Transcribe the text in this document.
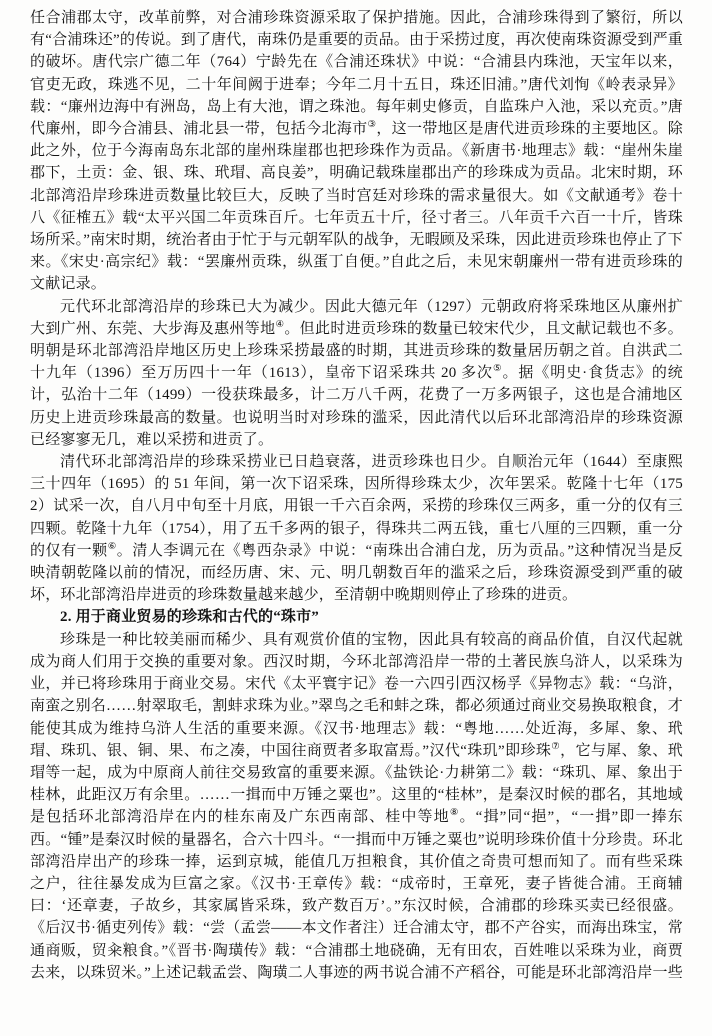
任合浦郡太守，改革前弊，对合浦珍珠资源采取了保护措施。因此，合浦珍珠得到了繁衍，所以有“合浦珠还”的传说。到了唐代，南珠仍是重要的贡品。由于采捞过度，再次使南珠资源受到严重的破坏。唐代宗广德二年（764）宁龄先在《合浦还珠状》中说：“合浦县内珠池，天宝年以来，官吏无政，珠逃不见，二十年间阙于进奉；今年二月十五日，珠还旧浦。”唐代刘恂《岭表录异》载：“廉州边海中有洲岛，岛上有大池，谓之珠池。每年刺史修贡，自监珠户入池，采以充贡。”唐代廉州，即今合浦县、浦北县一带，包括今北海市③，这一带地区是唐代进贡珍珠的主要地区。除此之外，位于今海南岛东北部的崖州珠崖郡也把珍珠作为贡品。《新唐书·地理志》载：“崖州朱崖郡下，土贡：金、银、珠、玳瑁、高良姜”，明确记载珠崖郡出产的珍珠成为贡品。北宋时期，环北部湾沿岸珍珠进贡数量比较巨大，反映了当时宫廷对珍珠的需求量很大。如《文献通考》卷十八《征榷五》载“太平兴国二年贡珠百斤。七年贡五十斤，径寸者三。八年贡千六百一十斤，皆珠场所采。”南宋时期，统治者由于忙于与元朝军队的战争，无暇顾及采珠，因此进贡珍珠也停止了下来。《宋史·高宗纪》载：“罢廉州贡珠，纵蛋丁自便。”自此之后，未见宋朝廉州一带有进贡珍珠的文献记录。

元代环北部湾沿岸的珍珠已大为减少。因此大德元年（1297）元朝政府将采珠地区从廉州扩大到广州、东莞、大步海及惠州等地④。但此时进贡珍珠的数量已较宋代少，且文献记载也不多。明朝是环北部湾沿岸地区历史上珍珠采捞最盛的时期，其进贡珍珠的数量居历朝之首。自洪武二十九年（1396）至万历四十一年（1613），皇帝下诏采珠共 20 多次⑤。据《明史·食货志》的统计，弘治十二年（1499）一役获珠最多，计二万八千两，花费了一万多两银子，这也是合浦地区历史上进贡珍珠最高的数量。也说明当时对珍珠的滥采，因此清代以后环北部湾沿岸的珍珠资源已经寥寥无几，难以采捞和进贡了。

清代环北部湾沿岸的珍珠采捞业已日趋衰落，进贡珍珠也日少。自顺治元年（1644）至康熙三十四年（1695）的 51 年间，第一次下诏采珠，因所得珍珠太少，次年罢采。乾隆十七年（1752）试采一次，自八月中旬至十月底，用银一千六百余两，采捞的珍珠仅三两多，重一分的仅有三四颗。乾隆十九年（1754），用了五千多两的银子，得珠共二两五钱，重七八厘的三四颗，重一分的仅有一颗⑥。清人李调元在《粤西杂录》中说：“南珠出合浦白龙，历为贡品。”这种情况当是反映清朝乾隆以前的情况，而经历唐、宋、元、明几朝数百年的滥采之后，珍珠资源受到严重的破坏，环北部湾沿岸进贡的珍珠数量越来越少，至清朝中晚期则停止了珍珠的进贡。

2. 用于商业贸易的珍珠和古代的“珠市”

珍珠是一种比较美丽而稀少、具有观赏价值的宝物，因此具有较高的商品价值，自汉代起就成为商人们用于交换的重要对象。西汉时期，今环北部湾沿岸一带的土著民族乌浒人，以采珠为业，并已将珍珠用于商业交易。宋代《太平寰宇记》卷一六四引西汉杨孚《异物志》载：“乌浒，南蛮之别名……射翠取毛，割蚌求珠为业。”翠鸟之毛和蚌之珠，都必须通过商业交易换取粮食，才能使其成为维持乌浒人生活的重要来源。《汉书·地理志》载：“粤地……处近海，多犀、象、玳瑁、珠玑、银、铜、果、布之凑，中国往商贾者多取富焉。”汉代“珠玑”即珍珠⑦，它与犀、象、玳瑁等一起，成为中原商人前往交易致富的重要来源。《盐铁论·力耕第二》载：“珠玑、犀、象出于桂林，此距汉万有余里。……一揖而中万锤之粟也”。这里的“桂林”，是秦汉时候的郡名，其地域是包括环北部湾沿岸在内的桂东南及广东西南部、桂中等地⑧。“揖”同“挹”，“一揖”即一捧东西。“锺”是秦汉时候的量器名，合六十四斗。“一揖而中万锤之粟也”说明珍珠价值十分珍贵。环北部湾沿岸出产的珍珠一捧，运到京城，能值几万担粮食，其价值之奇贵可想而知了。而有些采珠之户，往往暴发成为巨富之家。《汉书·王章传》载：“成帝时，王章死，妻子皆徙合浦。王商辅曰：‘还章妻，子故乡，其家属皆采珠，致产数百万’。”东汉时候，合浦郡的珍珠买卖已经很盛。《后汉书·循吏列传》载：“尝（孟尝——本文作者注）迁合浦太守，郡不产谷实，而海出珠宝，常通商贩，贸籴粮食。”《晋书·陶璜传》载：“合浦郡土地硗确，无有田农，百姓唯以采珠为业，商贾去来，以珠贸米。”上述记载孟尝、陶璜二人事迹的两书说合浦不产稻谷，可能是环北部湾沿岸一些
